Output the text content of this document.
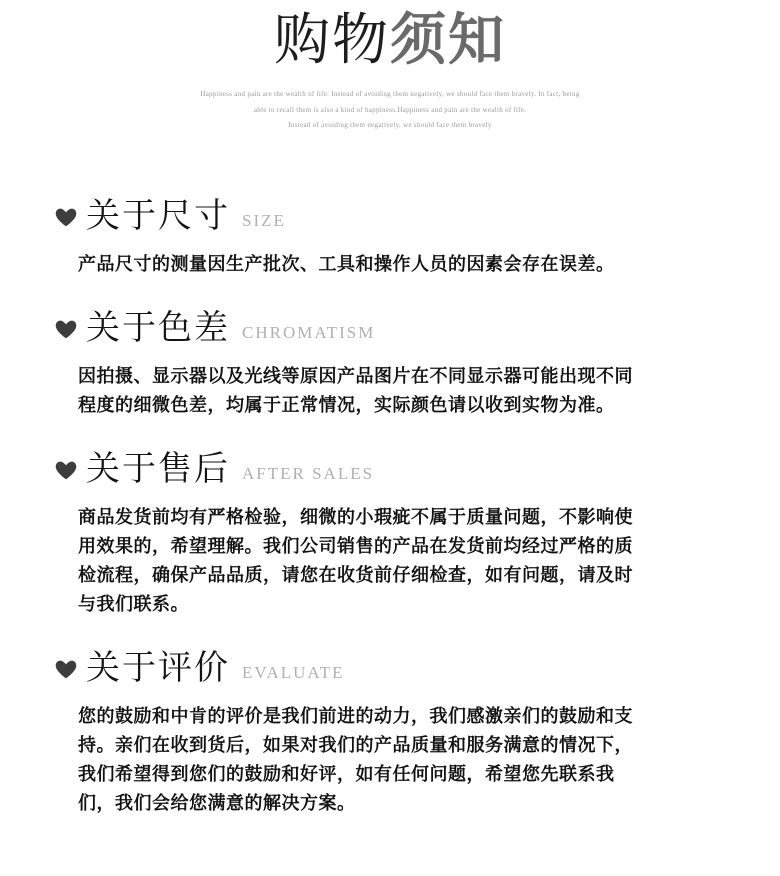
购物须知

Happiness and pain are the wealth of life. Instead of avoiding them negatively, we should face them bravely. In fact, being

able to recall them is also a kind of happiness.Happiness and pain are the wealth of life.

Instead of avoiding them negatively, we should face them bravely

关于尺寸 SIZE

产品尺寸的测量因生产批次、工具和操作人员的因素会存在误差。

关于色差 CHROMATISM

因拍摄、显示器以及光线等原因产品图片在不同显示器可能出现不同程度的细微色差，均属于正常情况，实际颜色请以收到实物为准。

关于售后 AFTER SALES

商品发货前均有严格检验，细微的小瑕疵不属于质量问题，不影响使用效果的，希望理解。我们公司销售的产品在发货前均经过严格的质检流程，确保产品品质，请您在收货前仔细检查，如有问题，请及时与我们联系。

关于评价 EVALUATE

您的鼓励和中肯的评价是我们前进的动力，我们感激亲们的鼓励和支持。亲们在收到货后，如果对我们的产品质量和服务满意的情况下，我们希望得到您们的鼓励和好评，如有任何问题，希望您先联系我们，我们会给您满意的解决方案。
